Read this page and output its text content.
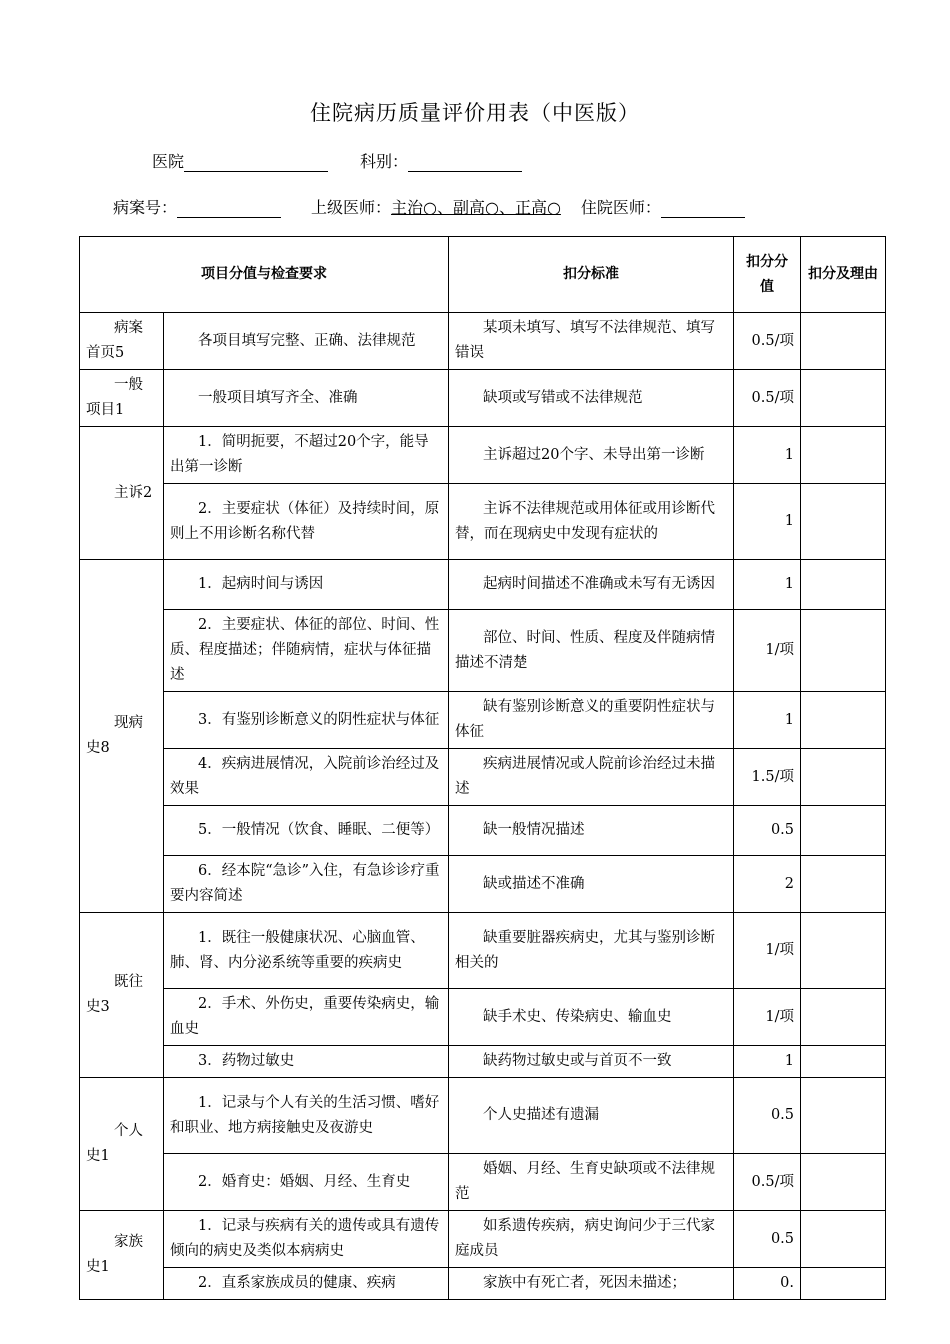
住院病历质量评价用表（中医版）
医院	科别：
病案号：	上级医师：主治○、副高○、正高○ 住院医师：
项目分值与检查要求		扣分标准	扣分分值	扣分及理由
病案首页5	各项目填写完整、正确、法律规范	某项未填写、填写不法律规范、填写错误	0.5/项	
一般项目1	一般项目填写齐全、准确	缺项或写错或不法律规范	0.5/项	
主诉2	1．简明扼要，不超过20个字，能导出第一诊断	主诉超过20个字、未导出第一诊断	1	
	2．主要症状（体征）及持续时间，原则上不用诊断名称代替	主诉不法律规范或用体征或用诊断代替，而在现病史中发现有症状的	1	
现病史8	1．起病时间与诱因	起病时间描述不准确或未写有无诱因	1	
	2．主要症状、体征的部位、时间、性质、程度描述；伴随病情，症状与体征描述	部位、时间、性质、程度及伴随病情描述不清楚	1/项	
	3．有鉴别诊断意义的阴性症状与体征	缺有鉴别诊断意义的重要阴性症状与体征	1	
	4．疾病进展情况，入院前诊治经过及效果	疾病进展情况或人院前诊治经过未描述	1.5/项	
	5．一般情况（饮食、睡眠、二便等）	缺一般情况描述	0.5	
	6．经本院“急诊”入住，有急诊诊疗重要内容简述	缺或描述不准确	2	
既往史3	1．既往一般健康状况、心脑血管、肺、肾、内分泌系统等重要的疾病史	缺重要脏器疾病史，尤其与鉴别诊断相关的	1/项	
	2．手术、外伤史，重要传染病史，输血史	缺手术史、传染病史、输血史	1/项	
	3．药物过敏史	缺药物过敏史或与首页不一致	1	
个人史1	1．记录与个人有关的生活习惯、嗜好和职业、地方病接触史及夜游史	个人史描述有遗漏	0.5	
	2．婚育史：婚姻、月经、生育史	婚姻、月经、生育史缺项或不法律规范	0.5/项	
家族史1	1．记录与疾病有关的遗传或具有遗传倾向的病史及类似本病病史	如系遗传疾病，病史询问少于三代家庭成员	0.5	
	2．直系家族成员的健康、疾病	家族中有死亡者，死因未描述；	0.	
